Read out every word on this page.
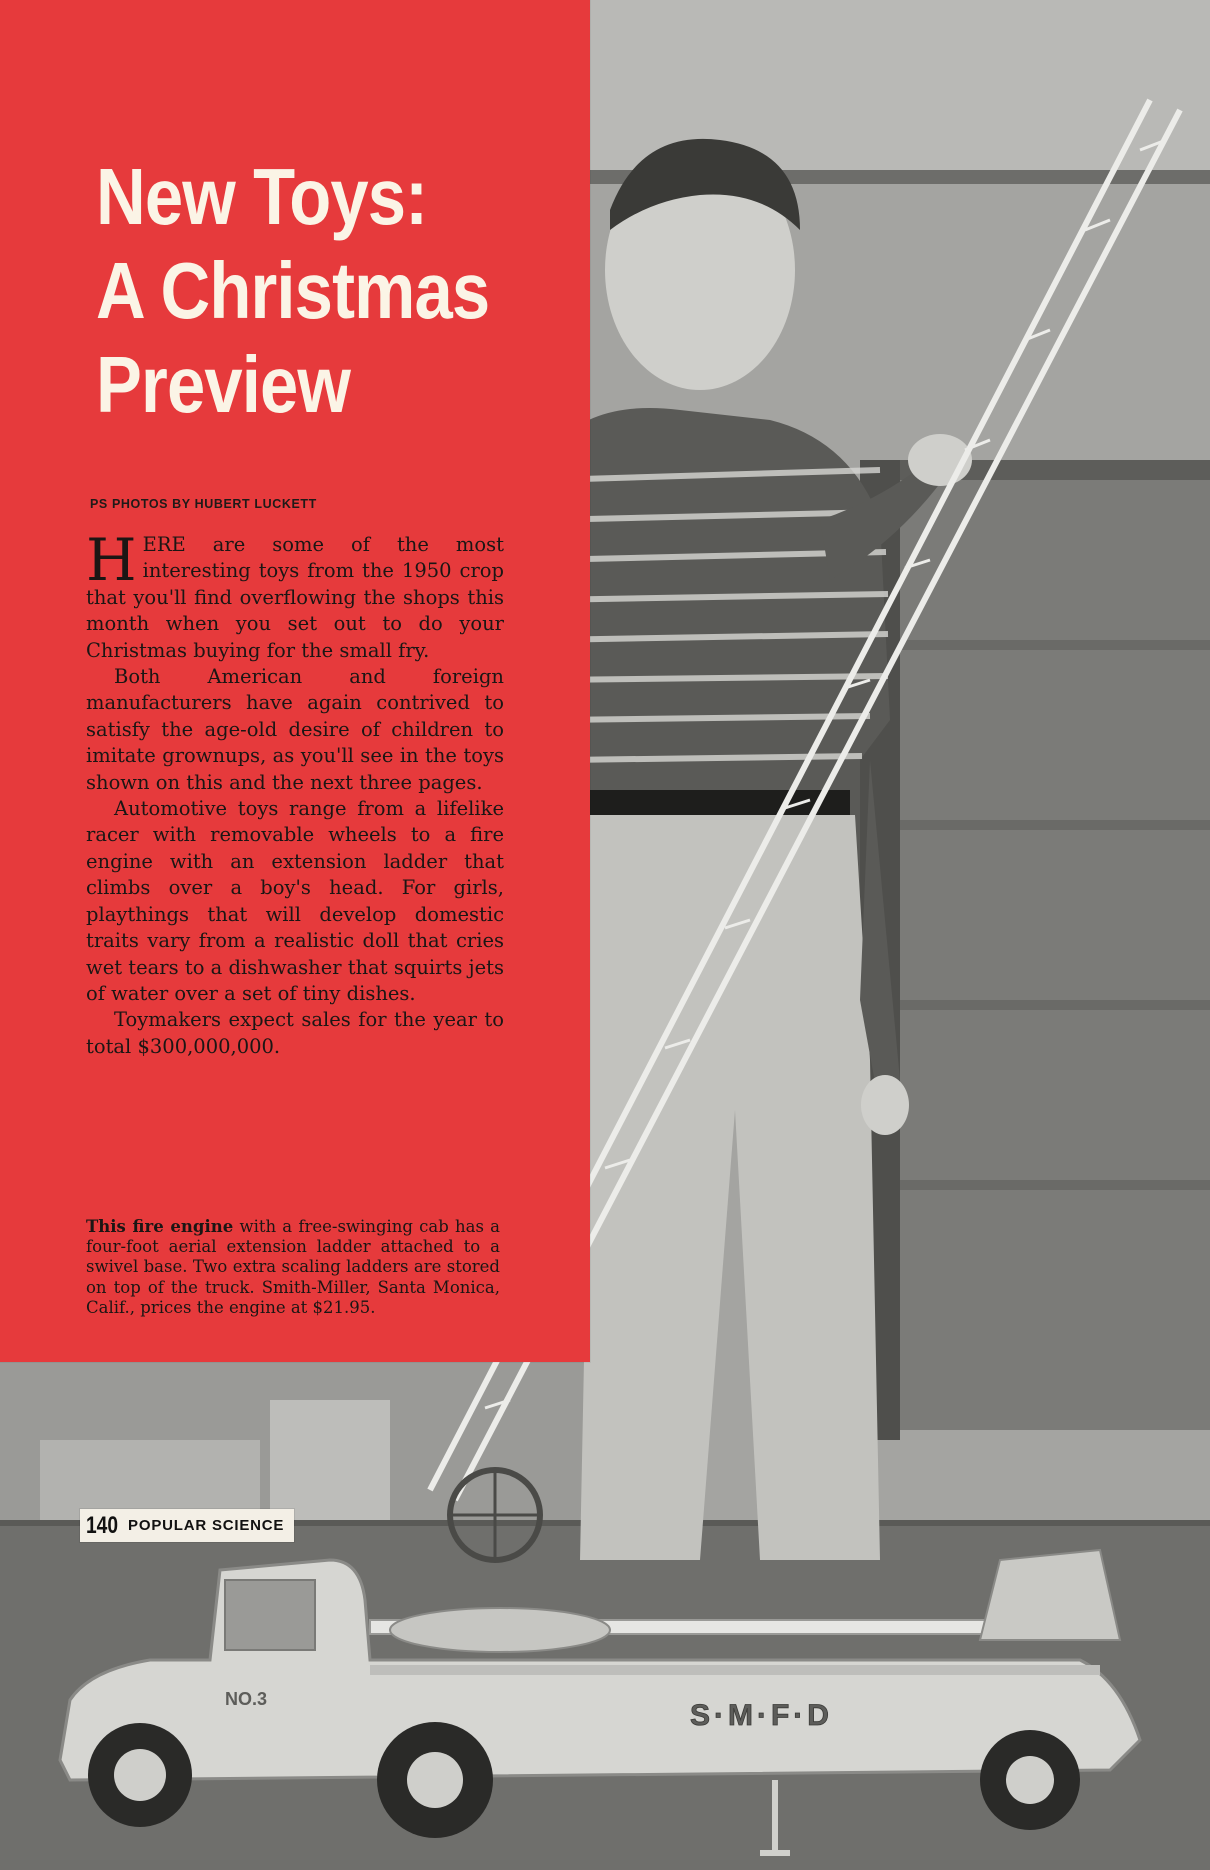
S·M·F·D
NO.3
New Toys:
A Christmas
Preview
PS PHOTOS BY HUBERT LUCKETT

HERE are some of the most interesting toys from the 1950 crop that you'll find overflowing the shops this month when you set out to do your Christmas buying for the small fry.

Both American and foreign manufacturers have again contrived to satisfy the age-old desire of children to imitate grownups, as you'll see in the toys shown on this and the next three pages.

Automotive toys range from a lifelike racer with removable wheels to a fire engine with an extension ladder that climbs over a boy's head. For girls, playthings that will develop domestic traits vary from a realistic doll that cries wet tears to a dishwasher that squirts jets of water over a set of tiny dishes.

Toymakers expect sales for the year to total $300,000,000.

This fire engine with a free-swinging cab has a four-foot aerial extension ladder attached to a swivel base. Two extra scaling ladders are stored on top of the truck. Smith-Miller, Santa Monica, Calif., prices the engine at $21.95.
140 POPULAR SCIENCE
